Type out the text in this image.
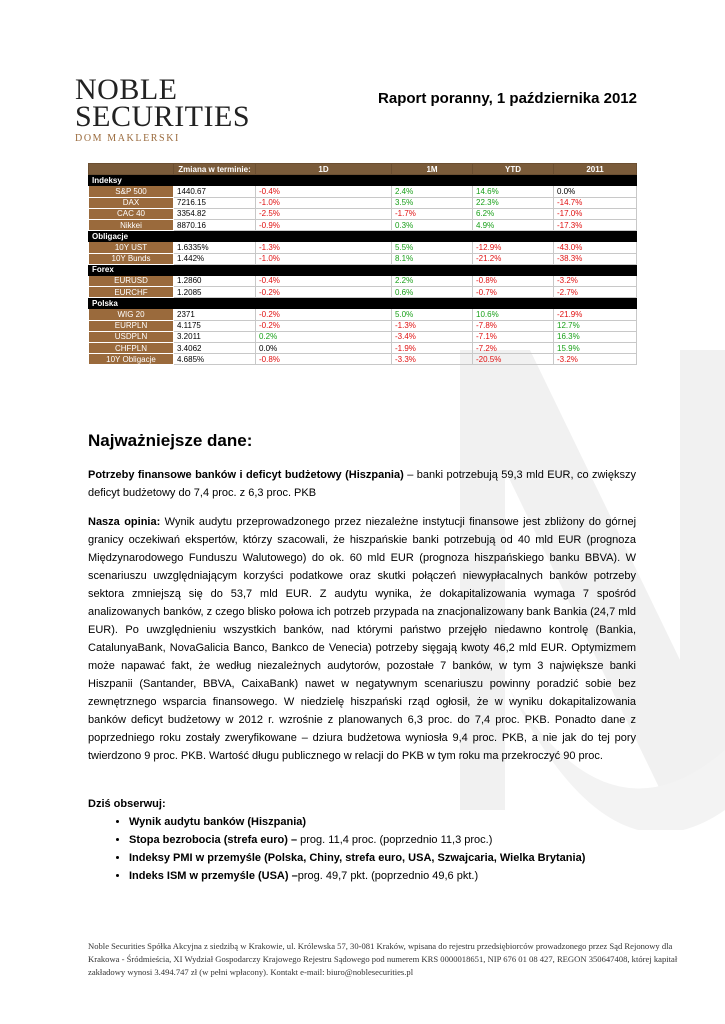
NOBLE
SECURITIES
DOM MAKLERSKI
Raport poranny, 1 października 2012
	Zmiana w terminie:	1D	1M	YTD	2011
Indeksy					
S&P 500	1440.67	-0.4%	2.4%	14.6%	0.0%
DAX	7216.15	-1.0%	3.5%	22.3%	-14.7%
CAC 40	3354.82	-2.5%	-1.7%	6.2%	-17.0%
Nikkei	8870.16	-0.9%	0.3%	4.9%	-17.3%
Obligacje					
10Y UST	1.6335%	-1.3%	5.5%	-12.9%	-43.0%
10Y Bunds	1.442%	-1.0%	8.1%	-21.2%	-38.3%
Forex					
EURUSD	1.2860	-0.4%	2.2%	-0.8%	-3.2%
EURCHF	1.2085	-0.2%	0.6%	-0.7%	-2.7%
Polska					
WIG 20	2371	-0.2%	5.0%	10.6%	-21.9%
EURPLN	4.1175	-0.2%	-1.3%	-7.8%	12.7%
USDPLN	3.2011	0.2%	-3.4%	-7.1%	16.3%
CHFPLN	3.4062	0.0%	-1.9%	-7.2%	15.9%
10Y Obligacje	4.685%	-0.8%	-3.3%	-20.5%	-3.2%
Najważniejsze dane:
Potrzeby finansowe banków i deficyt budżetowy (Hiszpania) – banki potrzebują 59,3 mld EUR, co zwiększy deficyt budżetowy do 7,4 proc. z 6,3 proc. PKB
Nasza opinia: Wynik audytu przeprowadzonego przez niezależne instytucji finansowe jest zbliżony do górnej granicy oczekiwań ekspertów, którzy szacowali, że hiszpańskie banki potrzebują od 40 mld EUR (prognoza Międzynarodowego Funduszu Walutowego) do ok. 60 mld EUR (prognoza hiszpańskiego banku BBVA). W scenariuszu uwzględniającym korzyści podatkowe oraz skutki połączeń niewypłacalnych banków potrzeby sektora zmniejszą się do 53,7 mld EUR. Z audytu wynika, że dokapitalizowania wymaga 7 spośród analizowanych banków, z czego blisko połowa ich potrzeb przypada na znacjonalizowany bank Bankia (24,7 mld EUR). Po uwzględnieniu wszystkich banków, nad którymi państwo przejęło niedawno kontrolę (Bankia, CatalunyaBank, NovaGalicia Banco, Bankco de Venecia) potrzeby sięgają kwoty 46,2 mld EUR. Optymizmem może napawać fakt, że według niezależnych audytorów, pozostałe 7 banków, w tym 3 największe banki Hiszpanii (Santander, BBVA, CaixaBank) nawet w negatywnym scenariuszu powinny poradzić sobie bez zewnętrznego wsparcia finansowego. W niedzielę hiszpański rząd ogłosił, że w wyniku dokapitalizowania banków deficyt budżetowy w 2012 r. wzrośnie z planowanych 6,3 proc. do 7,4 proc. PKB. Ponadto dane z poprzedniego roku zostały zweryfikowane – dziura budżetowa wyniosła 9,4 proc. PKB, a nie jak do tej pory twierdzono 9 proc. PKB. Wartość długu publicznego w relacji do PKB w tym roku ma przekroczyć 90 proc.
Dziś obserwuj:
• Wynik audytu banków (Hiszpania)
• Stopa bezrobocia (strefa euro) – prog. 11,4 proc. (poprzednio 11,3 proc.)
• Indeksy PMI w przemyśle (Polska, Chiny, strefa euro, USA, Szwajcaria, Wielka Brytania)
• Indeks ISM w przemyśle (USA) –prog. 49,7 pkt. (poprzednio 49,6 pkt.)
Noble Securities Spółka Akcyjna z siedzibą w Krakowie, ul. Królewska 57, 30-081 Kraków, wpisana do rejestru przedsiębiorców prowadzonego przez Sąd Rejonowy dla Krakowa - Śródmieścia, XI Wydział Gospodarczy Krajowego Rejestru Sądowego pod numerem KRS 0000018651, NIP 676 01 08 427, REGON 350647408, której kapitał zakładowy wynosi 3.494.747 zł (w pełni wpłacony). Kontakt e-mail: biuro@noblesecurities.pl
